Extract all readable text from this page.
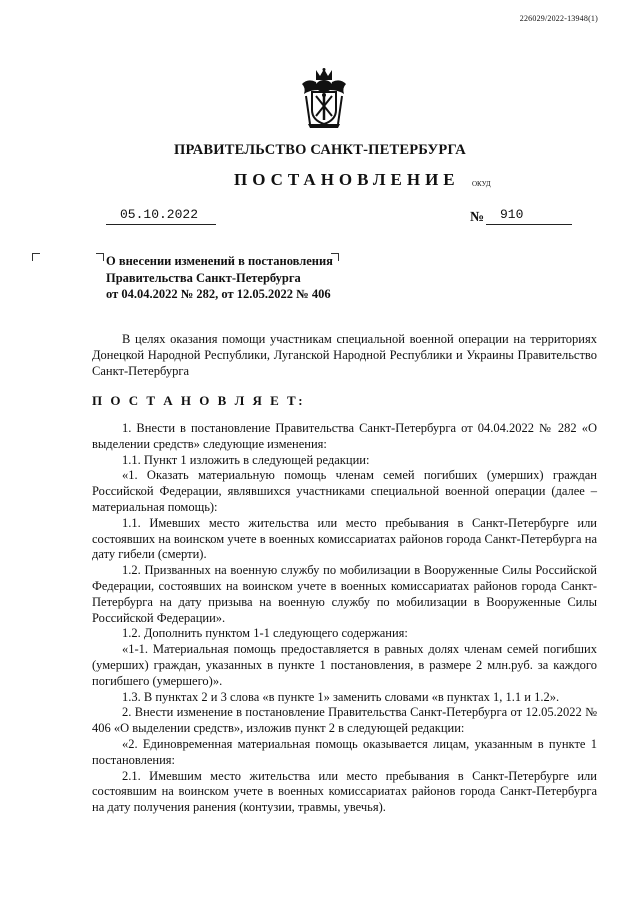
226029/2022-13948(1)
ПРАВИТЕЛЬСТВО САНКТ-ПЕТЕРБУРГА
ПОСТАНОВЛЕНИЕ ОКУД
05.10.2022	№ 910
О внесении изменений в постановления
Правительства Санкт-Петербурга
от 04.04.2022 № 282, от 12.05.2022 № 406

В целях оказания помощи участникам специальной военной операции на территориях Донецкой Народной Республики, Луганской Народной Республики и Украины Правительство Санкт-Петербурга

П О С Т А Н О В Л Я Е Т:

1. Внести в постановление Правительства Санкт-Петербурга от 04.04.2022 № 282 «О выделении средств» следующие изменения:

1.1. Пункт 1 изложить в следующей редакции:

«1. Оказать материальную помощь членам семей погибших (умерших) граждан Российской Федерации, являвшихся участниками специальной военной операции (далее – материальная помощь):

1.1. Имевших место жительства или место пребывания в Санкт-Петербурге или состоявших на воинском учете в военных комиссариатах районов города Санкт-Петербурга на дату гибели (смерти).

1.2. Призванных на военную службу по мобилизации в Вооруженные Силы Российской Федерации, состоявших на воинском учете в военных комиссариатах районов города Санкт-Петербурга на дату призыва на военную службу по мобилизации в Вооруженные Силы Российской Федерации».

1.2. Дополнить пунктом 1-1 следующего содержания:

«1-1. Материальная помощь предоставляется в равных долях членам семей погибших (умерших) граждан, указанных в пункте 1 постановления, в размере 2 млн.руб. за каждого погибшего (умершего)».

1.3. В пунктах 2 и 3 слова «в пункте 1» заменить словами «в пунктах 1, 1.1 и 1.2».

2. Внести изменение в постановление Правительства Санкт-Петербурга от 12.05.2022 № 406 «О выделении средств», изложив пункт 2 в следующей редакции:

«2. Единовременная материальная помощь оказывается лицам, указанным в пункте 1 постановления:

2.1. Имевшим место жительства или место пребывания в Санкт-Петербурге или состоявшим на воинском учете в военных комиссариатах районов города Санкт-Петербурга на дату получения ранения (контузии, травмы, увечья).
